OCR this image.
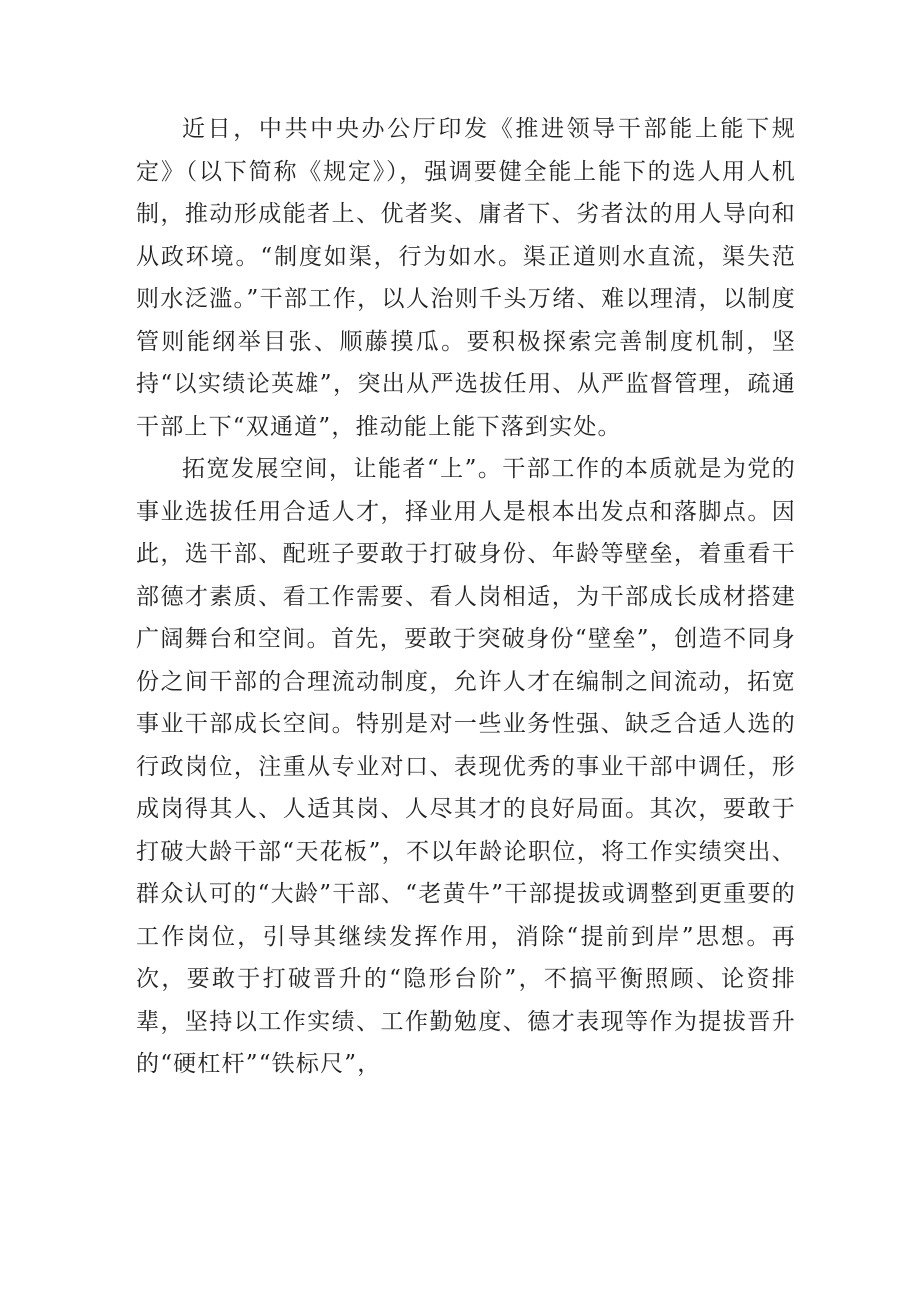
近日，中共中央办公厅印发《推进领导干部能上能下规定》（以下简称《规定》），强调要健全能上能下的选人用人机制，推动形成能者上、优者奖、庸者下、劣者汰的用人导向和从政环境。“制度如渠，行为如水。渠正道则水直流，渠失范则水泛滥。”干部工作，以人治则千头万绪、难以理清，以制度管则能纲举目张、顺藤摸瓜。要积极探索完善制度机制，坚持“以实绩论英雄”，突出从严选拔任用、从严监督管理，疏通干部上下“双通道”，推动能上能下落到实处。

拓宽发展空间，让能者“上”。干部工作的本质就是为党的事业选拔任用合适人才，择业用人是根本出发点和落脚点。因此，选干部、配班子要敢于打破身份、年龄等壁垒，着重看干部德才素质、看工作需要、看人岗相适，为干部成长成材搭建广阔舞台和空间。首先，要敢于突破身份“壁垒”，创造不同身份之间干部的合理流动制度，允许人才在编制之间流动，拓宽事业干部成长空间。特别是对一些业务性强、缺乏合适人选的行政岗位，注重从专业对口、表现优秀的事业干部中调任，形成岗得其人、人适其岗、人尽其才的良好局面。其次，要敢于打破大龄干部“天花板”，不以年龄论职位，将工作实绩突出、群众认可的“大龄”干部、“老黄牛”干部提拔或调整到更重要的工作岗位，引导其继续发挥作用，消除“提前到岸”思想。再次，要敢于打破晋升的“隐形台阶”，不搞平衡照顾、论资排辈，坚持以工作实绩、工作勤勉度、德才表现等作为提拔晋升的“硬杠杆”“铁标尺”，
